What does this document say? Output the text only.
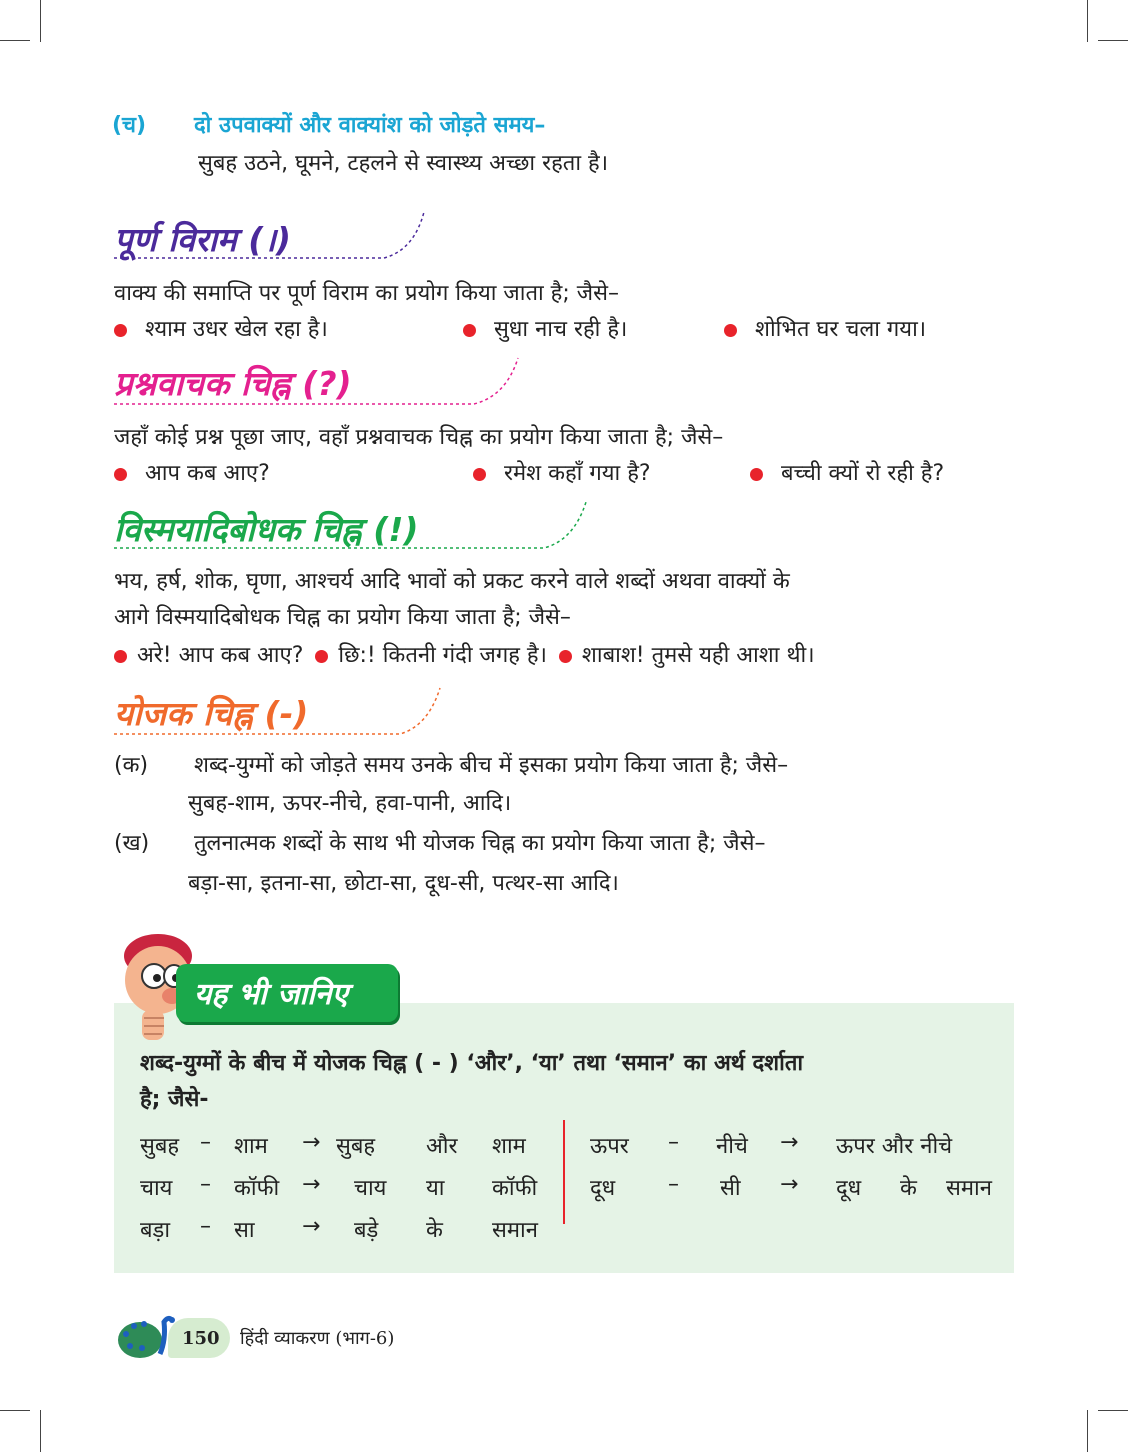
(च) दो उपवाक्यों और वाक्यांश को जोड़ते समय–
सुबह उठने, घूमने, टहलने से स्वास्थ्य अच्छा रहता है।
पूर्ण विराम (।)
वाक्य की समाप्ति पर पूर्ण विराम का प्रयोग किया जाता है; जैसे–
श्याम उधर खेल रहा है।	सुधा नाच रही है।	शोभित घर चला गया।
प्रश्नवाचक चिह्न (?)
जहाँ कोई प्रश्न पूछा जाए, वहाँ प्रश्नवाचक चिह्न का प्रयोग किया जाता है; जैसे–
आप कब आए?	रमेश कहाँ गया है?	बच्ची क्यों रो रही है?
विस्मयादिबोधक चिह्न (!)
भय, हर्ष, शोक, घृणा, आश्चर्य आदि भावों को प्रकट करने वाले शब्दों अथवा वाक्यों के
आगे विस्मयादिबोधक चिह्न का प्रयोग किया जाता है; जैसे–
अरे! आप कब आए? छि:! कितनी गंदी जगह है। शाबाश! तुमसे यही आशा थी।
योजक चिह्न (-)
(क) शब्द-युग्मों को जोड़ते समय उनके बीच में इसका प्रयोग किया जाता है; जैसे–
सुबह-शाम, ऊपर-नीचे, हवा-पानी, आदि।
(ख) तुलनात्मक शब्दों के साथ भी योजक चिह्न का प्रयोग किया जाता है; जैसे–
बड़ा-सा, इतना-सा, छोटा-सा, दूध-सी, पत्थर-सा आदि।
यह भी जानिए
शब्द-युग्मों के बीच में योजक चिह्न ( - ) ‘और’, ‘या’ तथा ‘समान’ का अर्थ दर्शाता
है; जैसे-
सुबह – शाम → सुबह और शाम
चाय – कॉफी → चाय या कॉफी
बड़ा – सा → बड़े के समान
ऊपर – नीचे → ऊपर और नीचे
दूध – सी → दूध के समान
150 हिंदी व्याकरण (भाग-6)
